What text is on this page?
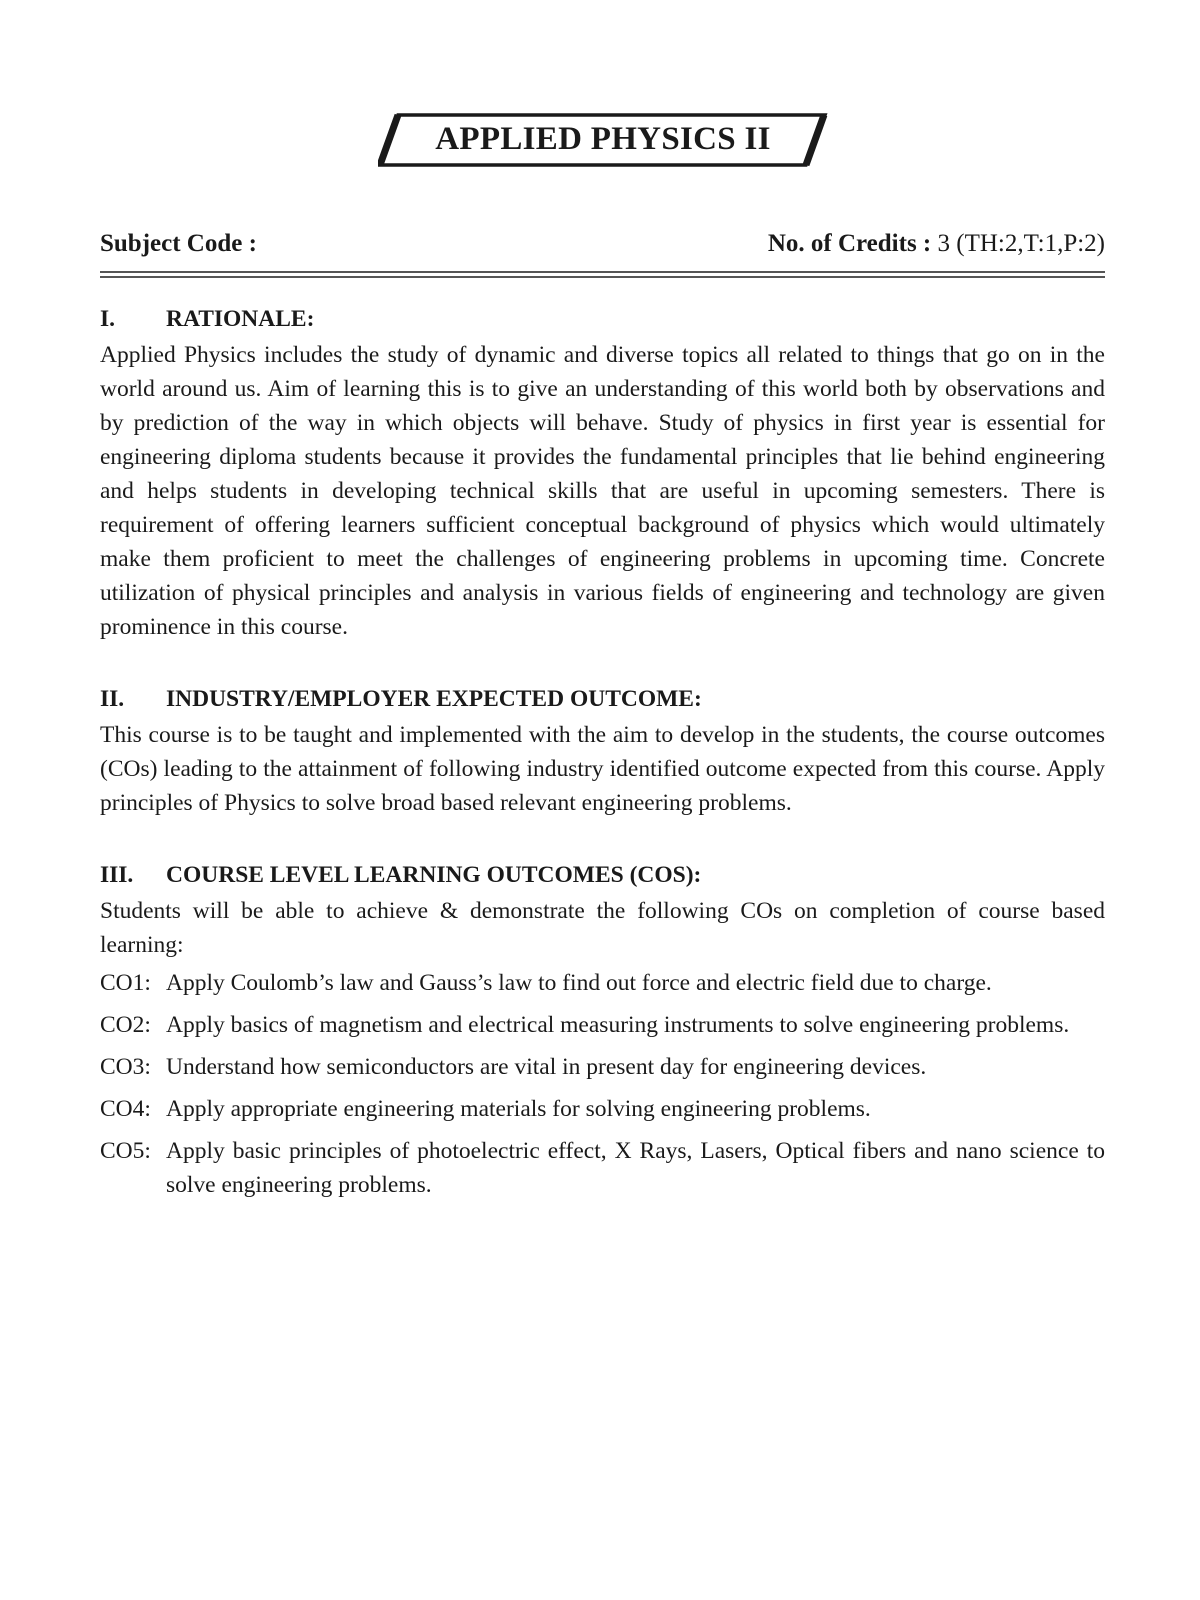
APPLIED PHYSICS II
Subject Code :	No. of Credits : 3 (TH:2,T:1,P:2)
I.	RATIONALE:

Applied Physics includes the study of dynamic and diverse topics all related to things that go on in the world around us. Aim of learning this is to give an understanding of this world both by observations and by prediction of the way in which objects will behave. Study of physics in first year is essential for engineering diploma students because it provides the fundamental principles that lie behind engineering and helps students in developing technical skills that are useful in upcoming semesters. There is requirement of offering learners sufficient conceptual background of physics which would ultimately make them proficient to meet the challenges of engineering problems in upcoming time. Concrete utilization of physical principles and analysis in various fields of engineering and technology are given prominence in this course.

II.	INDUSTRY/EMPLOYER EXPECTED OUTCOME:

This course is to be taught and implemented with the aim to develop in the students, the course outcomes (COs) leading to the attainment of following industry identified outcome expected from this course. Apply principles of Physics to solve broad based relevant engineering problems.

III.	COURSE LEVEL LEARNING OUTCOMES (COS):

Students will be able to achieve & demonstrate the following COs on completion of course based learning:

CO1: Apply Coulomb’s law and Gauss’s law to find out force and electric field due to charge.
CO2: Apply basics of magnetism and electrical measuring instruments to solve engineering problems.
CO3: Understand how semiconductors are vital in present day for engineering devices.
CO4: Apply appropriate engineering materials for solving engineering problems.
CO5: Apply basic principles of photoelectric effect, X Rays, Lasers, Optical fibers and nano science to solve engineering problems.
